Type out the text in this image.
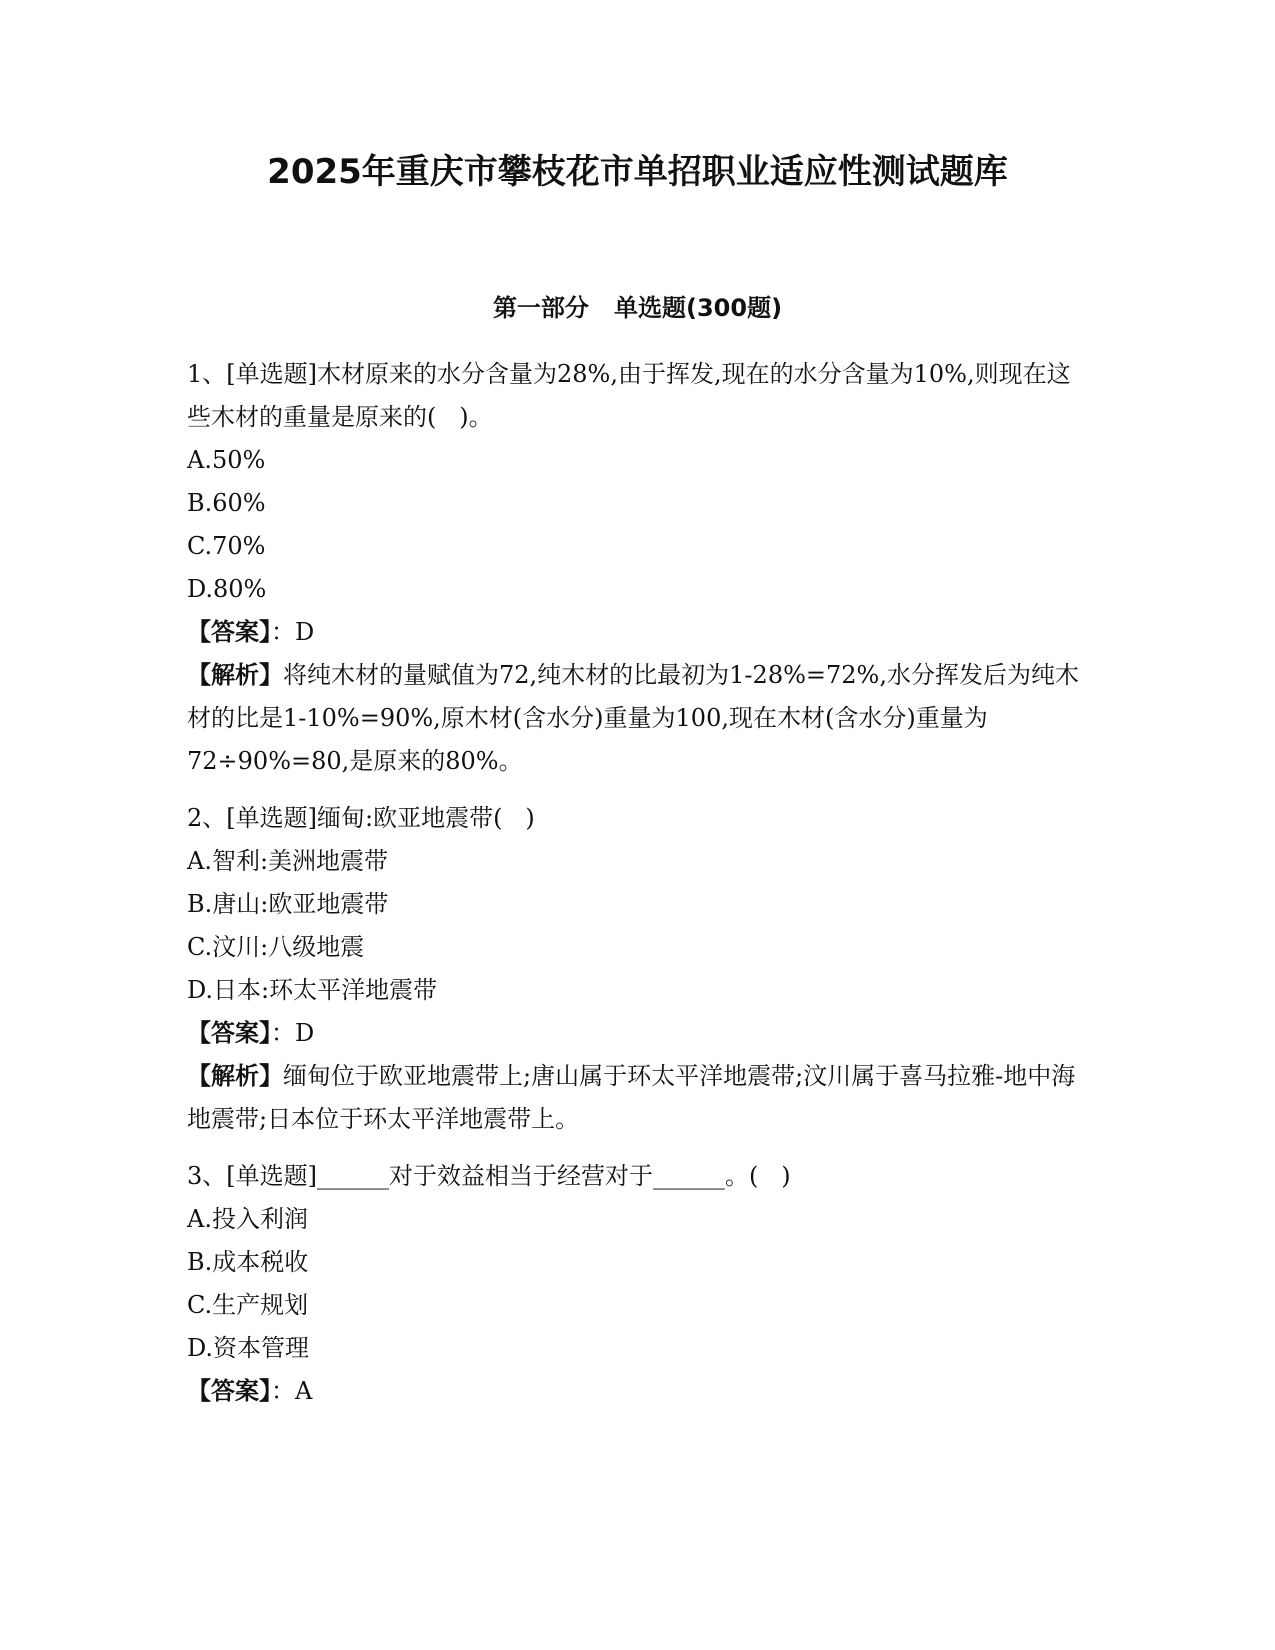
2025年重庆市攀枝花市单招职业适应性测试题库
第一部分   单选题(300题)

1、[单选题]木材原来的水分含量为28%,由于挥发,现在的水分含量为10%,则现在这些木材的重量是原来的(   )。

A.50%

B.60%

C.70%

D.80%

【答案】：D

【解析】将纯木材的量赋值为72,纯木材的比最初为1-28%=72%,水分挥发后为纯木材的比是1-10%=90%,原木材(含水分)重量为100,现在木材(含水分)重量为72÷90%=80,是原来的80%。

2、[单选题]缅甸:欧亚地震带(   )

A.智利:美洲地震带

B.唐山:欧亚地震带

C.汶川:八级地震

D.日本:环太平洋地震带

【答案】：D

【解析】缅甸位于欧亚地震带上;唐山属于环太平洋地震带;汶川属于喜马拉雅-地中海地震带;日本位于环太平洋地震带上。

3、[单选题]______对于效益相当于经营对于______。(   )

A.投入利润

B.成本税收

C.生产规划

D.资本管理

【答案】：A
